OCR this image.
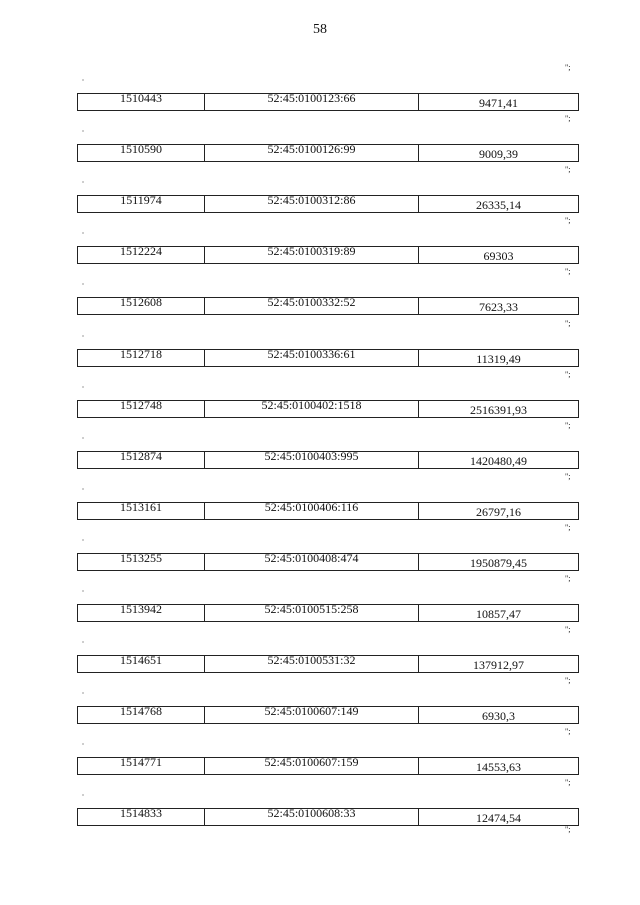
58
";
"
1510443	52:45:0100123:66	9471,41
";
"
1510590	52:45:0100126:99	9009,39
";
"
1511974	52:45:0100312:86	26335,14
";
"
1512224	52:45:0100319:89	69303
";
"
1512608	52:45:0100332:52	7623,33
";
"
1512718	52:45:0100336:61	11319,49
";
"
1512748	52:45:0100402:1518	2516391,93
";
"
1512874	52:45:0100403:995	1420480,49
";
"
1513161	52:45:0100406:116	26797,16
";
"
1513255	52:45:0100408:474	1950879,45
";
"
1513942	52:45:0100515:258	10857,47
";
"
1514651	52:45:0100531:32	137912,97
";
"
1514768	52:45:0100607:149	6930,3
";
"
1514771	52:45:0100607:159	14553,63
";
"
1514833	52:45:0100608:33	12474,54
";
